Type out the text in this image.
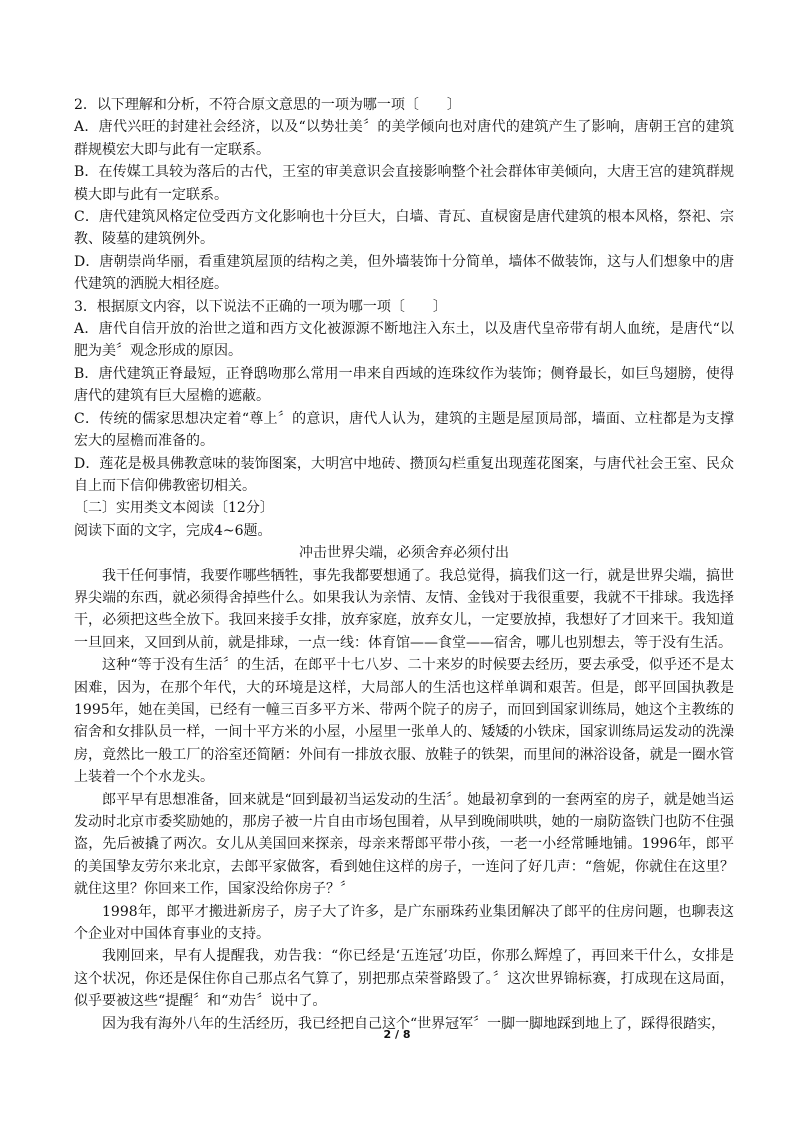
2．以下理解和分析，不符合原文意思的一项为哪一项〔　　〕

A．唐代兴旺的封建社会经济，以及“以势壮美〞的美学倾向也对唐代的建筑产生了影响，唐朝王宫的建筑群规模宏大即与此有一定联系。

B．在传媒工具较为落后的古代，王室的审美意识会直接影响整个社会群体审美倾向，大唐王宫的建筑群规模大即与此有一定联系。

C．唐代建筑风格定位受西方文化影响也十分巨大，白墙、青瓦、直棂窗是唐代建筑的根本风格，祭祀、宗教、陵墓的建筑例外。

D．唐朝崇尚华丽，看重建筑屋顶的结构之美，但外墙装饰十分简单，墙体不做装饰，这与人们想象中的唐代建筑的洒脱大相径庭。

3．根据原文内容，以下说法不正确的一项为哪一项〔　　〕

A．唐代自信开放的治世之道和西方文化被源源不断地注入东土，以及唐代皇帝带有胡人血统，是唐代“以肥为美〞观念形成的原因。

B．唐代建筑正脊最短，正脊鸱吻那么常用一串来自西域的连珠纹作为装饰；侧脊最长，如巨鸟翅膀，使得唐代的建筑有巨大屋檐的遮蔽。

C．传统的儒家思想决定着“尊上〞的意识，唐代人认为，建筑的主题是屋顶局部，墙面、立柱都是为支撑宏大的屋檐而准备的。

D．莲花是极具佛教意味的装饰图案，大明宫中地砖、攒顶勾栏重复出现莲花图案，与唐代社会王室、民众自上而下信仰佛教密切相关。

〔二〕实用类文本阅读〔12分〕

阅读下面的文字，完成4~6题。

冲击世界尖端，必须舍弃必须付出

我干任何事情，我要作哪些牺牲，事先我都要想通了。我总觉得，搞我们这一行，就是世界尖端，搞世界尖端的东西，就必须得舍掉些什么。如果我认为亲情、友情、金钱对于我很重要，我就不干排球。我选择干，必须把这些全放下。我回来接手女排，放弃家庭，放弃女儿，一定要放掉，我想好了才回来干。我知道一旦回来，又回到从前，就是排球，一点一线：体育馆——食堂——宿舍，哪儿也别想去，等于没有生活。

这种“等于没有生活〞的生活，在郎平十七八岁、二十来岁的时候要去经历，要去承受，似乎还不是太困难，因为，在那个年代，大的环境是这样，大局部人的生活也这样单调和艰苦。但是，郎平回国执教是1995年，她在美国，已经有一幢三百多平方米、带两个院子的房子，而回到国家训练局，她这个主教练的宿舍和女排队员一样，一间十平方米的小屋，小屋里一张单人的、矮矮的小铁床，国家训练局运发动的洗澡房，竟然比一般工厂的浴室还简陋：外间有一排放衣服、放鞋子的铁架，而里间的淋浴设备，就是一圈水管上装着一个个水龙头。

郎平早有思想准备，回来就是“回到最初当运发动的生活〞。她最初拿到的一套两室的房子，就是她当运发动时北京市委奖励她的，那房子被一片自由市场包围着，从早到晚闹哄哄，她的一扇防盗铁门也防不住强盗，先后被撬了两次。女儿从美国回来探亲，母亲来帮郎平带小孩，一老一小经常睡地铺。1996年，郎平的美国挚友劳尔来北京，去郎平家做客，看到她住这样的房子，一连问了好几声：“詹妮，你就住在这里？就住这里？你回来工作，国家没给你房子？〞

1998年，郎平才搬进新房子，房子大了许多，是广东丽珠药业集团解决了郎平的住房问题，也聊表这个企业对中国体育事业的支持。

我刚回来，早有人提醒我，劝告我：“你已经是‘五连冠’功臣，你那么辉煌了，再回来干什么，女排是这个状况，你还是保住你自己那点名气算了，别把那点荣誉路毁了。〞这次世界锦标赛，打成现在这局面，似乎要被这些“提醒〞和“劝告〞说中了。

因为我有海外八年的生活经历，我已经把自己这个“世界冠军〞一脚一脚地踩到地上了，踩得很踏实，

2 / 8
